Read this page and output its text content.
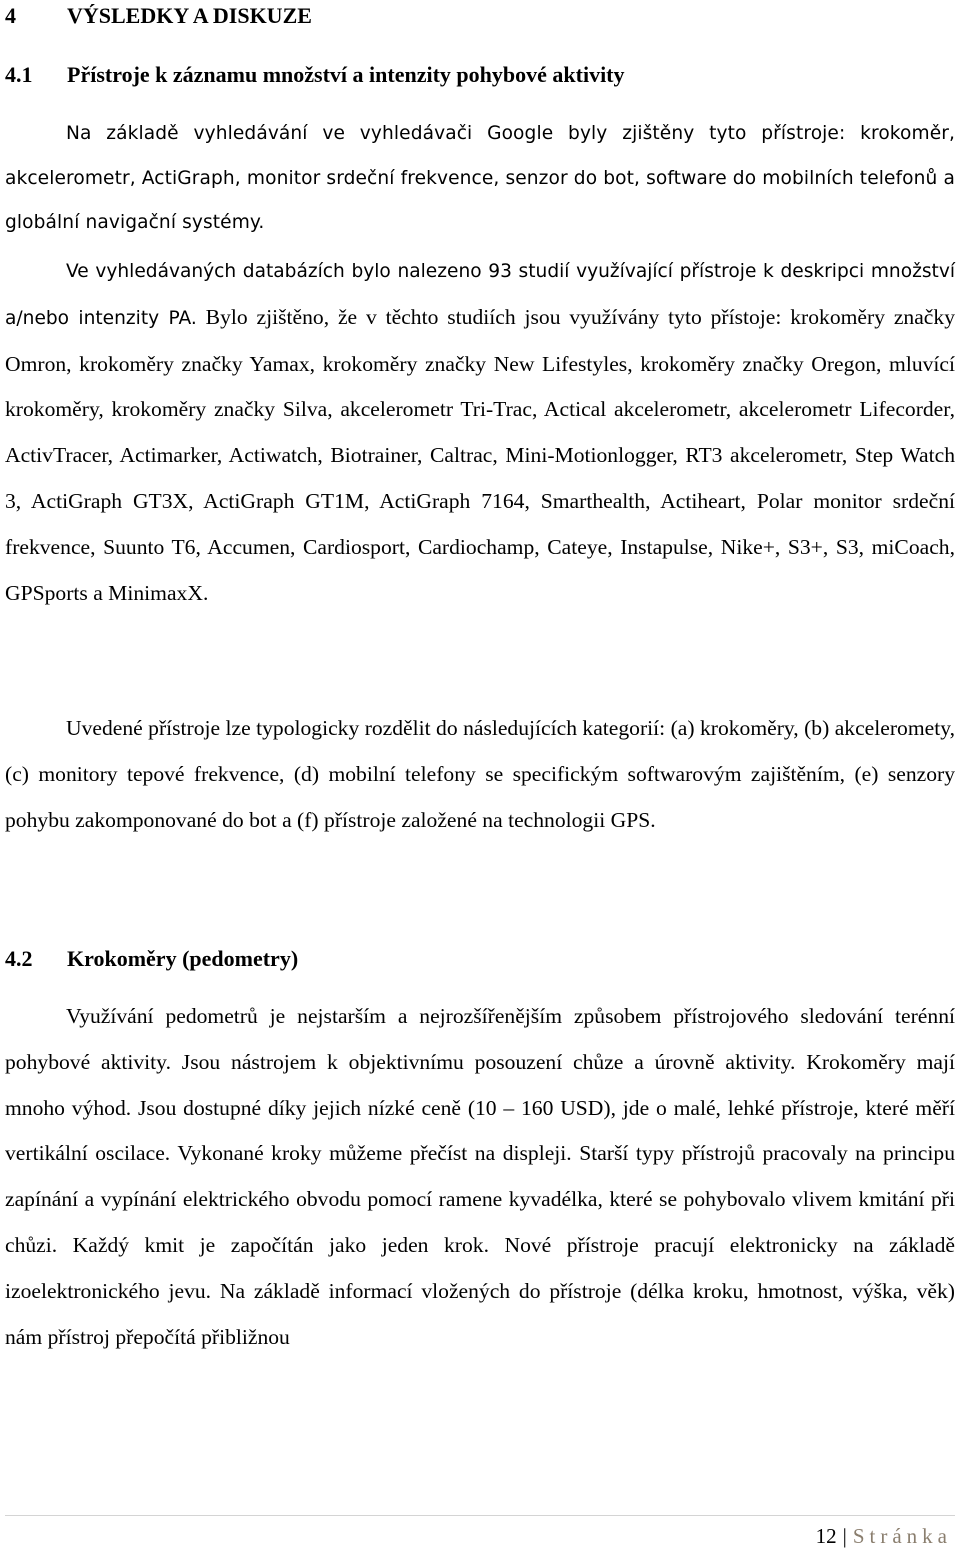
4 VÝSLEDKY A DISKUZE
4.1 Přístroje k záznamu množství a intenzity pohybové aktivity

Na základě vyhledávání ve vyhledávači Google byly zjištěny tyto přístroje: krokoměr, akcelerometr, ActiGraph, monitor srdeční frekvence, senzor do bot, software do mobilních telefonů a globální navigační systémy.

Ve vyhledávaných databázích bylo nalezeno 93 studií využívající přístroje k deskripci množství a/nebo intenzity PA. Bylo zjištěno, že v těchto studiích jsou využívány tyto přístoje: krokoměry značky Omron, krokoměry značky Yamax, krokoměry značky New Lifestyles, krokoměry značky Oregon, mluvící krokoměry, krokoměry značky Silva, akcelerometr Tri-Trac, Actical akcelerometr, akcelerometr Lifecorder, ActivTracer, Actimarker, Actiwatch, Biotrainer, Caltrac, Mini-Motionlogger, RT3 akcelerometr, Step Watch 3, ActiGraph GT3X, ActiGraph GT1M, ActiGraph 7164, Smarthealth, Actiheart, Polar monitor srdeční frekvence, Suunto T6, Accumen, Cardiosport, Cardiochamp, Cateye, Instapulse, Nike+, S3+, S3, miCoach, GPSports a MinimaxX.

Uvedené přístroje lze typologicky rozdělit do následujících kategorií: (a) krokoměry, (b) akceleromety, (c) monitory tepové frekvence, (d) mobilní telefony se specifickým softwarovým zajištěním, (e) senzory pohybu zakomponované do bot a (f) přístroje založené na technologii GPS.

4.2 Krokoměry (pedometry)

Využívání pedometrů je nejstarším a nejrozšířenějším způsobem přístrojového sledování terénní pohybové aktivity. Jsou nástrojem k objektivnímu posouzení chůze a úrovně aktivity. Krokoměry mají mnoho výhod. Jsou dostupné díky jejich nízké ceně (10 – 160 USD), jde o malé, lehké přístroje, které měří vertikální oscilace. Vykonané kroky můžeme přečíst na displeji. Starší typy přístrojů pracovaly na principu zapínání a vypínání elektrického obvodu pomocí ramene kyvadélka, které se pohybovalo vlivem kmitání při chůzi. Každý kmit je započítán jako jeden krok. Nové přístroje pracují elektronicky na základě izoelektronického jevu. Na základě informací vložených do přístroje (délka kroku, hmotnost, výška, věk) nám přístroj přepočítá přibližnou

12 | Stránka
